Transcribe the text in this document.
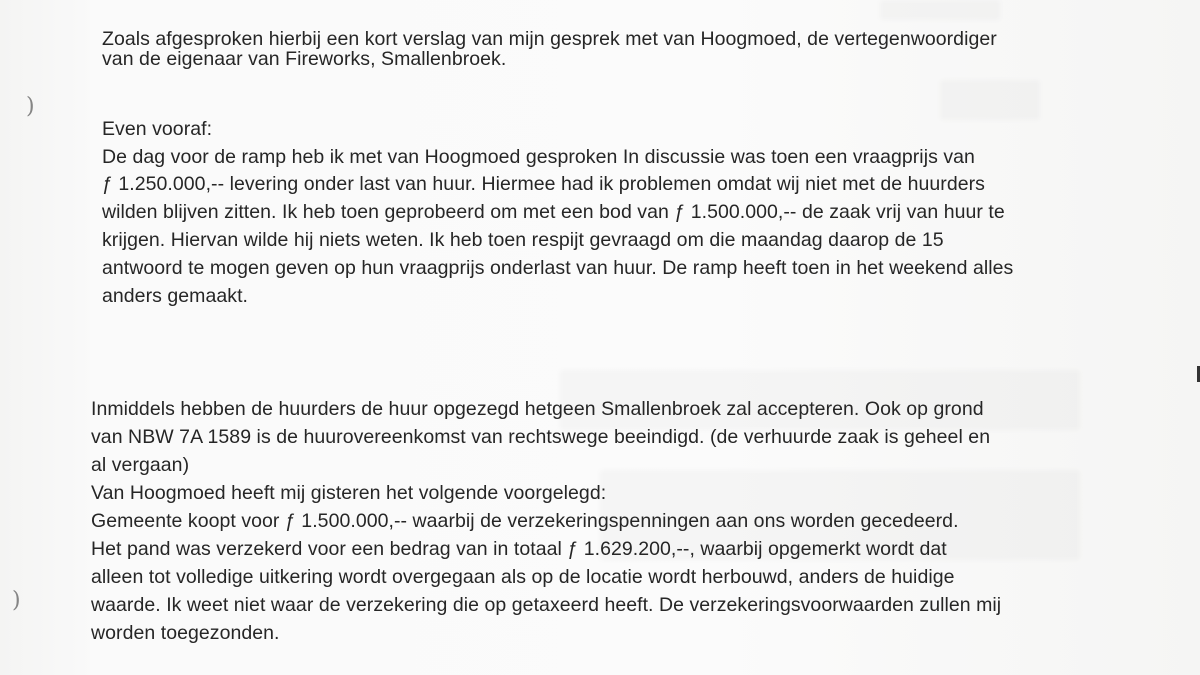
)
)
Zoals afgesproken hierbij een kort verslag van mijn gesprek met van Hoogmoed, de vertegenwoordiger
van de eigenaar van Fireworks, Smallenbroek.
Even vooraf:
De dag voor de ramp heb ik met van Hoogmoed gesproken In discussie was toen een vraagprijs van
ƒ 1.250.000,-- levering onder last van huur. Hiermee had ik problemen omdat wij niet met de huurders
wilden blijven zitten. Ik heb toen geprobeerd om met een bod van ƒ 1.500.000,-- de zaak vrij van huur te
krijgen. Hiervan wilde hij niets weten. Ik heb toen respijt gevraagd om die maandag daarop de 15
antwoord te mogen geven op hun vraagprijs onderlast van huur. De ramp heeft toen in het weekend alles
anders gemaakt.
Inmiddels hebben de huurders de huur opgezegd hetgeen Smallenbroek zal accepteren. Ook op grond
van NBW 7A 1589 is de huurovereenkomst van rechtswege beeindigd. (de verhuurde zaak is geheel en
al vergaan)
Van Hoogmoed heeft mij gisteren het volgende voorgelegd:
Gemeente koopt voor ƒ 1.500.000,-- waarbij de verzekeringspenningen aan ons worden gecedeerd.
Het pand was verzekerd voor een bedrag van in totaal ƒ 1.629.200,--, waarbij opgemerkt wordt dat
alleen tot volledige uitkering wordt overgegaan als op de locatie wordt herbouwd, anders de huidige
waarde. Ik weet niet waar de verzekering die op getaxeerd heeft. De verzekeringsvoorwaarden zullen mij
worden toegezonden.
